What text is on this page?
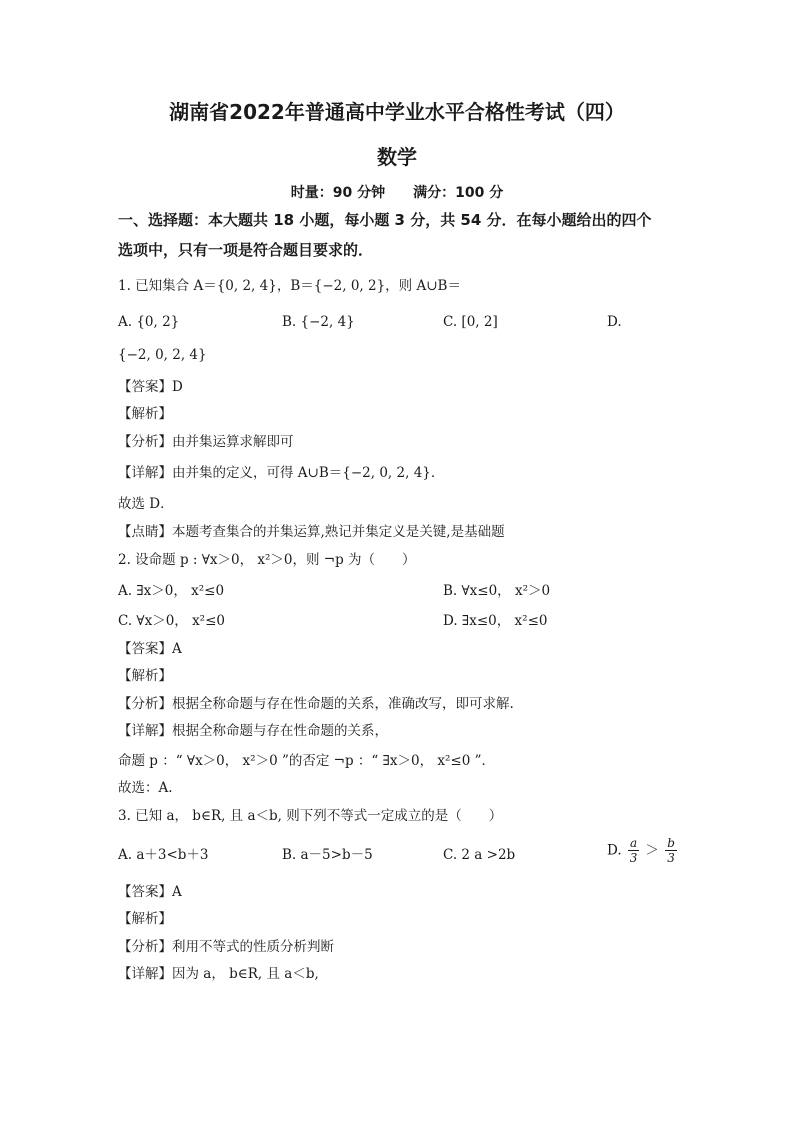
湖南省2022年普通高中学业水平合格性考试（四）
数学
时量：90 分钟　　满分：100 分
一、选择题：本大题共 18 小题，每小题 3 分，共 54 分．在每小题给出的四个
选项中，只有一项是符合题目要求的．
1. 已知集合 A＝{0, 2, 4}，B＝{−2, 0, 2}，则 A∪B＝
A. {0, 2}	B. {−2, 4}	C. [0, 2]	D.
{−2, 0, 2, 4}
【答案】D
【解析】
【分析】由并集运算求解即可
【详解】由并集的定义，可得 A∪B＝{−2, 0, 2, 4}．
故选 D．
【点睛】本题考查集合的并集运算,熟记并集定义是关键,是基础题
2. 设命题 p : ∀x＞0， x²＞0，则 ¬p 为（　　）
A. ∃x＞0， x²≤0	B. ∀x≤0， x²＞0
C. ∀x＞0， x²≤0	D. ∃x≤0， x²≤0
【答案】A
【解析】
【分析】根据全称命题与存在性命题的关系，准确改写，即可求解.
【详解】根据全称命题与存在性命题的关系，
命题 p ：“ ∀x＞0， x²＞0 ”的否定 ¬p ：“ ∃x＞0， x²≤0 ”．
故选：A.
3. 已知 a， b∈R, 且 a＜b, 则下列不等式一定成立的是（　　）
A. a＋3<b＋3	B. a－5>b－5	C. 2 a >2b	D. $\frac{a}{3} > \frac{b}{3}$
【答案】A
【解析】
【分析】利用不等式的性质分析判断
【详解】因为 a， b∈R, 且 a＜b,
